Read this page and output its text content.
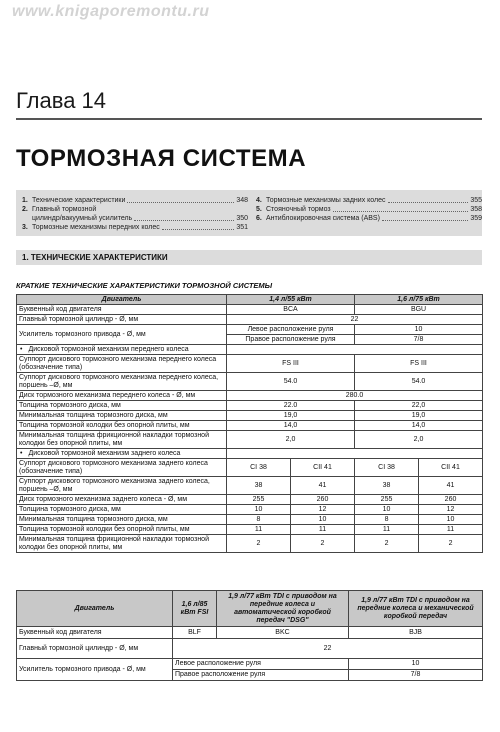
www.knigaporemontu.ru
Глава 14
ТОРМОЗНАЯ СИСТЕМА
1. Технические характеристики	348
2. Главный тормозной
цилиндр/вакуумный усилитель	350
3. Тормозные механизмы передних колес	351
4. Тормозные механизмы задних колес	355
5. Стояночный тормоз	358
6. Антиблокировочная система (ABS)	359
1. ТЕХНИЧЕСКИЕ ХАРАКТЕРИСТИКИ
КРАТКИЕ ТЕХНИЧЕСКИЕ ХАРАКТЕРИСТИКИ ТОРМОЗНОЙ СИСТЕМЫ
Двигатель	1,4 л/55 кВт		1,6 л/75 кВт	
Буквенный код двигателя	BCA		BGU	
Главный тормозной цилиндр - Ø, мм	22			
Усилитель тормозного привода - Ø, мм	Левое расположение руля		10	
	Правое расположение руля		7/8	
• Дисковой тормозной механизм переднего колеса	
Суппорт дискового тормозного механизма переднего колеса (обозначение типа)	FS III		FS III	
Суппорт дискового тормозного механизма переднего колеса, поршень –Ø, мм	54.0		54.0	
Диск тормозного механизма переднего колеса - Ø, мм	280.0			
Толщина тормозного диска, мм	22.0		22,0	
Минимальная толщина тормозного диска, мм	19,0		19,0	
Толщина тормозной колодки без опорной плиты, мм	14,0		14,0	
Минимальная толщина фрикционной накладки тормозной колодки без опорной плиты, мм	2,0		2,0	
• Дисковой тормозной механизм заднего колеса	
Суппорт дискового тормозного механизма заднего колеса (обозначение типа)	CI 38	CII 41	CI 38	CII 41
Суппорт дискового тормозного механизма заднего колеса, поршень –Ø, мм	38	41	38	41
Диск тормозного механизма заднего колеса - Ø, мм	255	260	255	260
Толщина тормозного диска, мм	10	12	10	12
Минимальная толщина тормозного диска, мм	8	10	8	10
Толщина тормозной колодки без опорной плиты, мм	11	11	11	11
Минимальная толщина фрикционной накладки тормозной колодки без опорной плиты, мм	2	2	2	2
Двигатель	1,6 л/85 кВт FSI	1,9 л/77 кВт TDI с приводом на передние колеса и автоматической коробкой передач "DSG"	1,9 л/77 кВт TDI с приводом на передние колеса и механической коробкой передач
Буквенный код двигателя	BLF	BKC	BJB
Главный тормозной цилиндр - Ø, мм	22		
Усилитель тормозного привода - Ø, мм	Левое расположение руля		10
	Правое расположение руля		7/8
